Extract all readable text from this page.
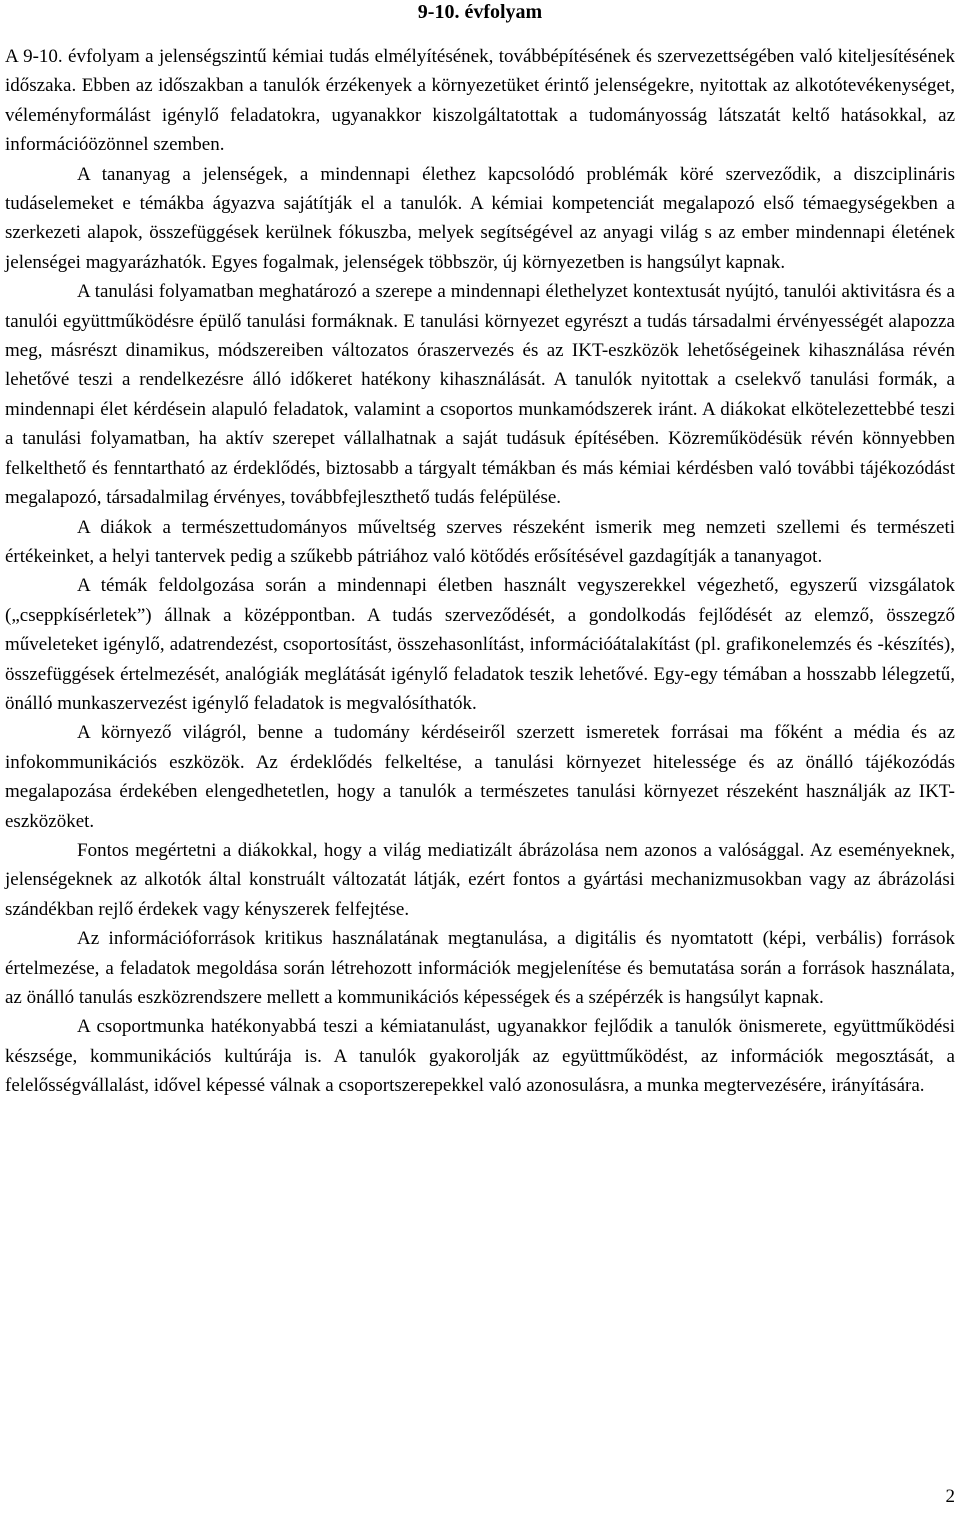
9-10. évfolyam

A 9-10. évfolyam a jelenségszintű kémiai tudás elmélyítésének, továbbépítésének és szervezettségében való kiteljesítésének időszaka. Ebben az időszakban a tanulók érzékenyek a környezetüket érintő jelenségekre, nyitottak az alkotótevékenységet, véleményformálást igénylő feladatokra, ugyanakkor kiszolgáltatottak a tudományosság látszatát keltő hatásokkal, az információözönnel szemben.

A tananyag a jelenségek, a mindennapi élethez kapcsolódó problémák köré szerveződik, a diszciplináris tudáselemeket e témákba ágyazva sajátítják el a tanulók. A kémiai kompetenciát megalapozó első témaegységekben a szerkezeti alapok, összefüggések kerülnek fókuszba, melyek segítségével az anyagi világ s az ember mindennapi életének jelenségei magyarázhatók. Egyes fogalmak, jelenségek többször, új környezetben is hangsúlyt kapnak.

A tanulási folyamatban meghatározó a szerepe a mindennapi élethelyzet kontextusát nyújtó, tanulói aktivitásra és a tanulói együttműködésre épülő tanulási formáknak. E tanulási környezet egyrészt a tudás társadalmi érvényességét alapozza meg, másrészt dinamikus, módszereiben változatos óraszervezés és az IKT-eszközök lehetőségeinek kihasználása révén lehetővé teszi a rendelkezésre álló időkeret hatékony kihasználását. A tanulók nyitottak a cselekvő tanulási formák, a mindennapi élet kérdésein alapuló feladatok, valamint a csoportos munkamódszerek iránt. A diákokat elkötelezettebbé teszi a tanulási folyamatban, ha aktív szerepet vállalhatnak a saját tudásuk építésében. Közreműködésük révén könnyebben felkelthető és fenntartható az érdeklődés, biztosabb a tárgyalt témákban és más kémiai kérdésben való további tájékozódást megalapozó, társadalmilag érvényes, továbbfejleszthető tudás felépülése.

A diákok a természettudományos műveltség szerves részeként ismerik meg nemzeti szellemi és természeti értékeinket, a helyi tantervek pedig a szűkebb pátriához való kötődés erősítésével gazdagítják a tananyagot.

A témák feldolgozása során a mindennapi életben használt vegyszerekkel végezhető, egyszerű vizsgálatok („cseppkísérletek”) állnak a középpontban. A tudás szerveződését, a gondolkodás fejlődését az elemző, összegző műveleteket igénylő, adatrendezést, csoportosítást, összehasonlítást, információátalakítást (pl. grafikonelemzés és -készítés), összefüggések értelmezését, analógiák meglátását igénylő feladatok teszik lehetővé. Egy-egy témában a hosszabb lélegzetű, önálló munkaszervezést igénylő feladatok is megvalósíthatók.

A környező világról, benne a tudomány kérdéseiről szerzett ismeretek forrásai ma főként a média és az infokommunikációs eszközök. Az érdeklődés felkeltése, a tanulási környezet hitelessége és az önálló tájékozódás megalapozása érdekében elengedhetetlen, hogy a tanulók a természetes tanulási környezet részeként használják az IKT-eszközöket.

Fontos megértetni a diákokkal, hogy a világ mediatizált ábrázolása nem azonos a valósággal. Az eseményeknek, jelenségeknek az alkotók által konstruált változatát látják, ezért fontos a gyártási mechanizmusokban vagy az ábrázolási szándékban rejlő érdekek vagy kényszerek felfejtése.

Az információforrások kritikus használatának megtanulása, a digitális és nyomtatott (képi, verbális) források értelmezése, a feladatok megoldása során létrehozott információk megjelenítése és bemutatása során a források használata, az önálló tanulás eszközrendszere mellett a kommunikációs képességek és a szépérzék is hangsúlyt kapnak.

A csoportmunka hatékonyabbá teszi a kémiatanulást, ugyanakkor fejlődik a tanulók önismerete, együttműködési készsége, kommunikációs kultúrája is. A tanulók gyakorolják az együttműködést, az információk megosztását, a felelősségvállalást, idővel képessé válnak a csoportszerepekkel való azonosulásra, a munka megtervezésére, irányítására.

2
